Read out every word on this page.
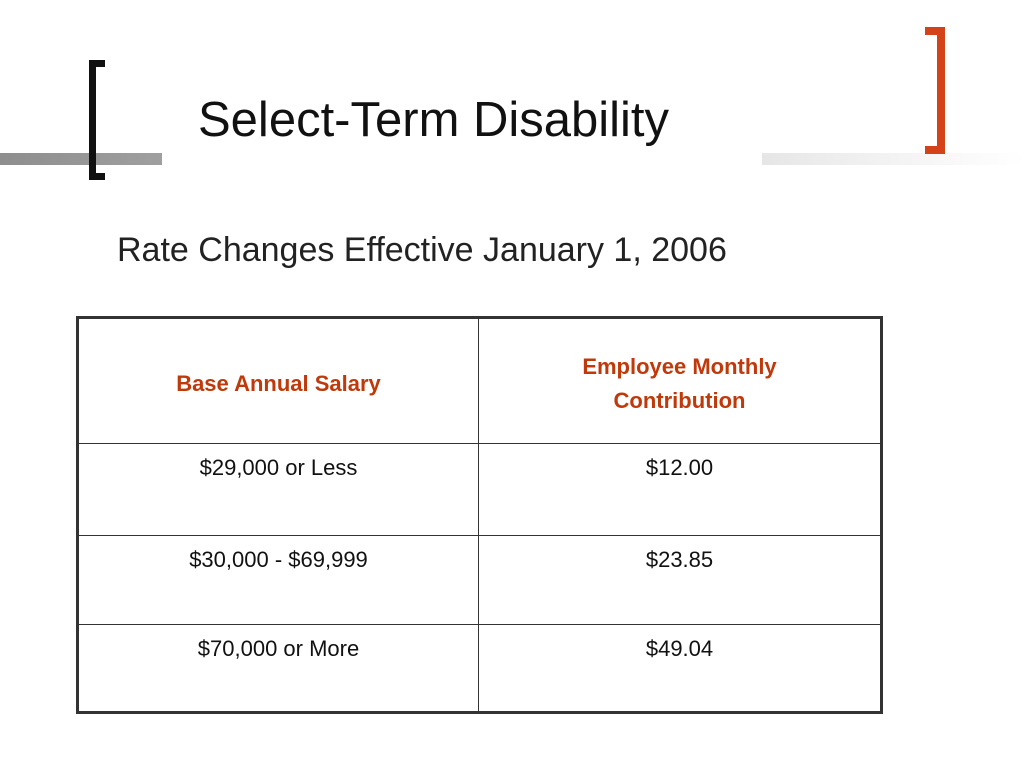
Select-Term Disability
Rate Changes Effective January 1, 2006
Base Annual Salary	Employee Monthly Contribution

$29,000 or Less	$12.00
$30,000 - $69,999	$23.85
$70,000 or More	$49.04
